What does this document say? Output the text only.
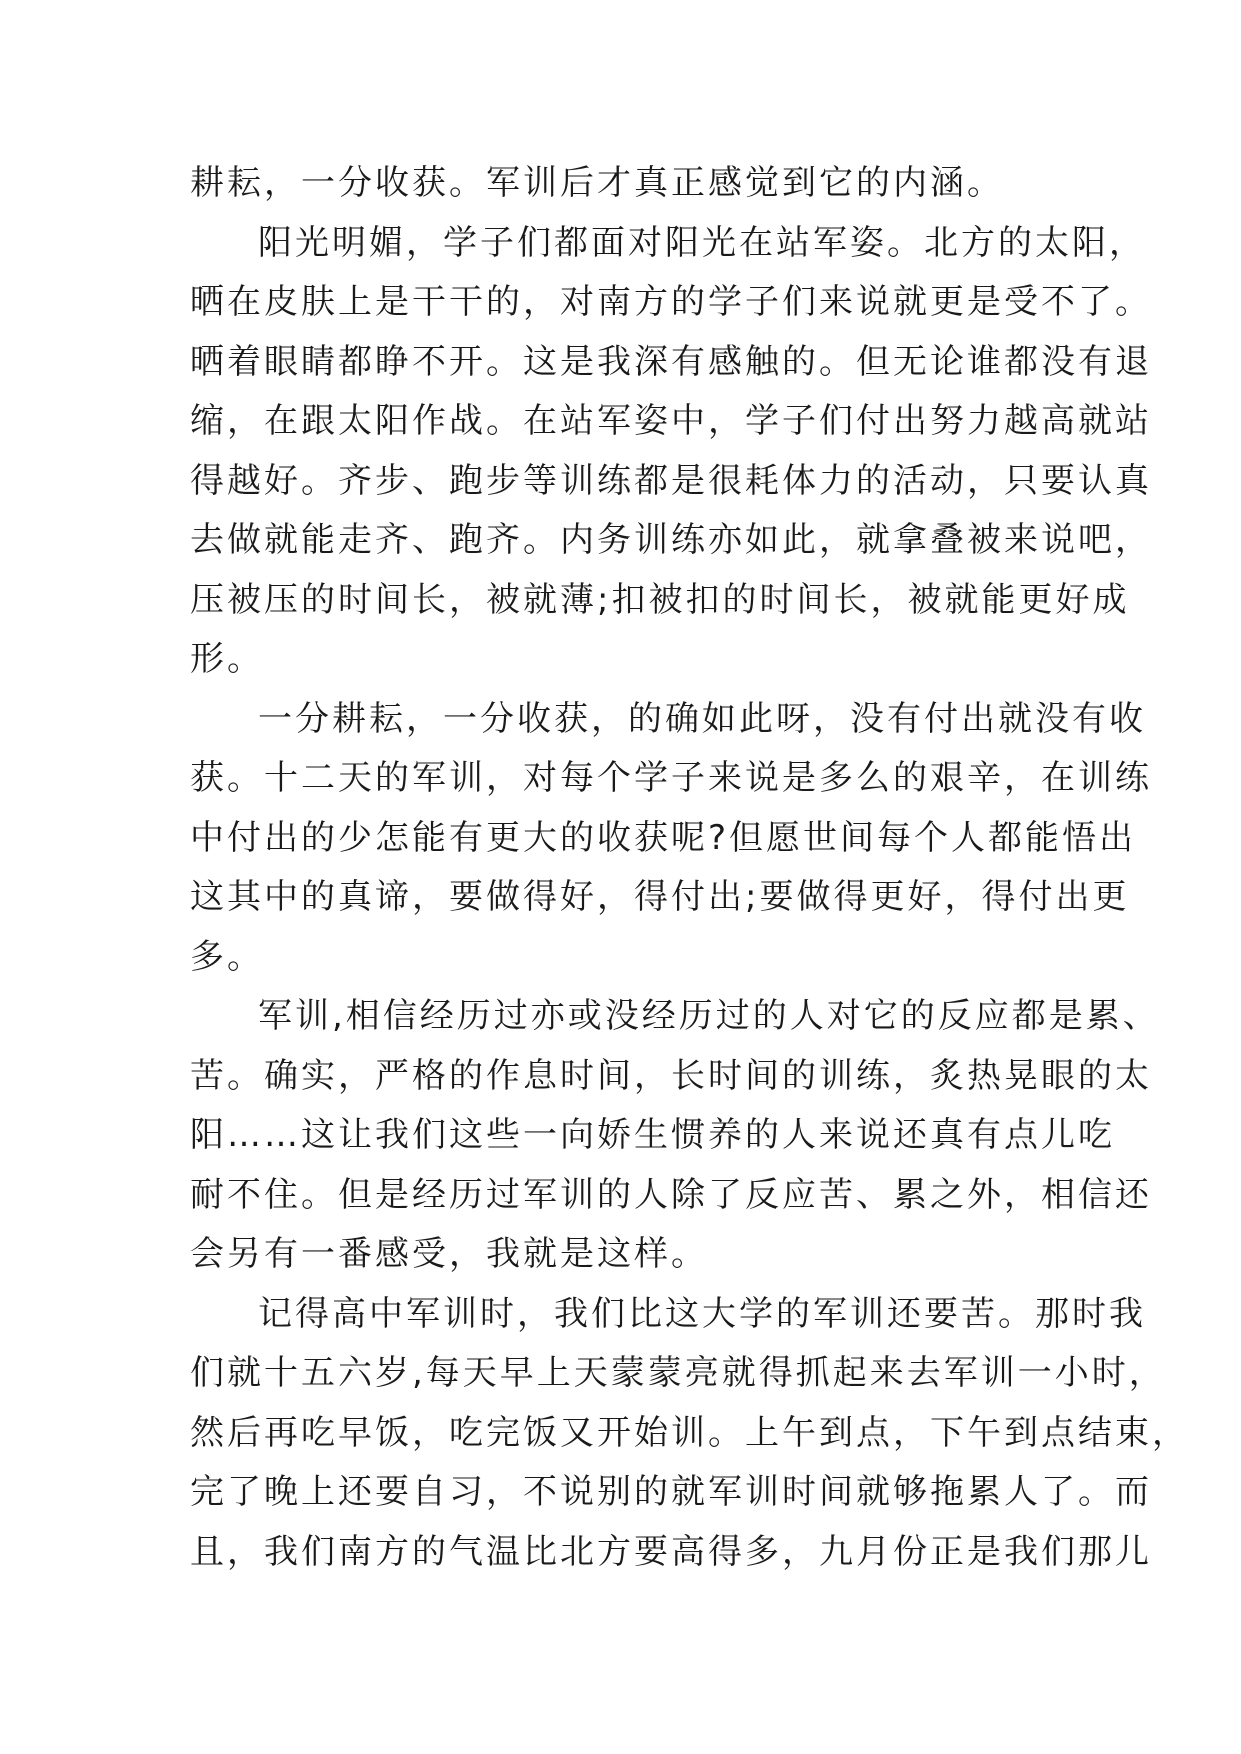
耕耘，一分收获。军训后才真正感觉到它的内涵。
阳光明媚，学子们都面对阳光在站军姿。北方的太阳，
晒在皮肤上是干干的，对南方的学子们来说就更是受不了。
晒着眼睛都睁不开。这是我深有感触的。但无论谁都没有退
缩，在跟太阳作战。在站军姿中，学子们付出努力越高就站
得越好。齐步、跑步等训练都是很耗体力的活动，只要认真
去做就能走齐、跑齐。内务训练亦如此，就拿叠被来说吧，
压被压的时间长，被就薄;扣被扣的时间长，被就能更好成
形。
一分耕耘，一分收获，的确如此呀，没有付出就没有收
获。十二天的军训，对每个学子来说是多么的艰辛，在训练
中付出的少怎能有更大的收获呢?但愿世间每个人都能悟出
这其中的真谛，要做得好，得付出;要做得更好，得付出更
多。
军训,相信经历过亦或没经历过的人对它的反应都是累、
苦。确实，严格的作息时间，长时间的训练，炙热晃眼的太
阳……这让我们这些一向娇生惯养的人来说还真有点儿吃
耐不住。但是经历过军训的人除了反应苦、累之外，相信还
会另有一番感受，我就是这样。
记得高中军训时，我们比这大学的军训还要苦。那时我
们就十五六岁,每天早上天蒙蒙亮就得抓起来去军训一小时，
然后再吃早饭，吃完饭又开始训。上午到点，下午到点结束，
完了晚上还要自习，不说别的就军训时间就够拖累人了。而
且，我们南方的气温比北方要高得多，九月份正是我们那儿
